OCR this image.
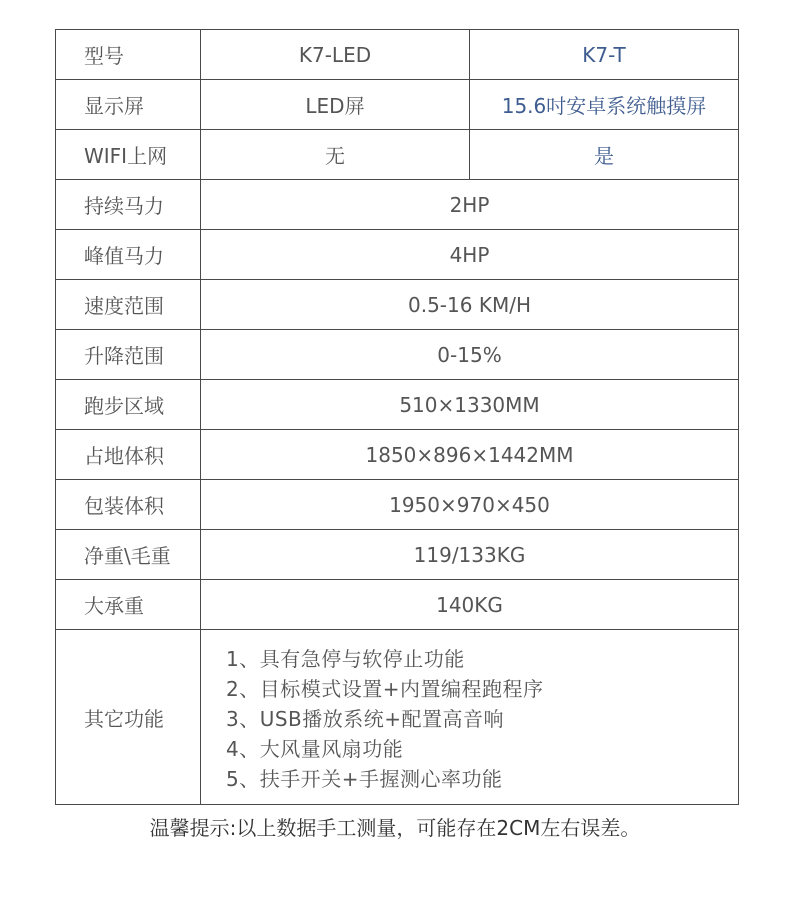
型号	K7-LED	K7-T
显示屏	LED屏	15.6吋安卓系统触摸屏
WIFI上网	无	是
持续马力	2HP	
峰值马力	4HP	
速度范围	0.5-16 KM/H	
升降范围	0-15%	
跑步区域	510×1330MM	
占地体积	1850×896×1442MM	
包装体积	1950×970×450	
净重\毛重	119/133KG	
大承重	140KG	
其它功能	1、具有急停与软停止功能
2、目标模式设置+内置编程跑程序
3、USB播放系统+配置高音响
4、大风量风扇功能
5、扶手开关+手握测心率功能	
温馨提示:以上数据手工测量，可能存在2CM左右误差。
